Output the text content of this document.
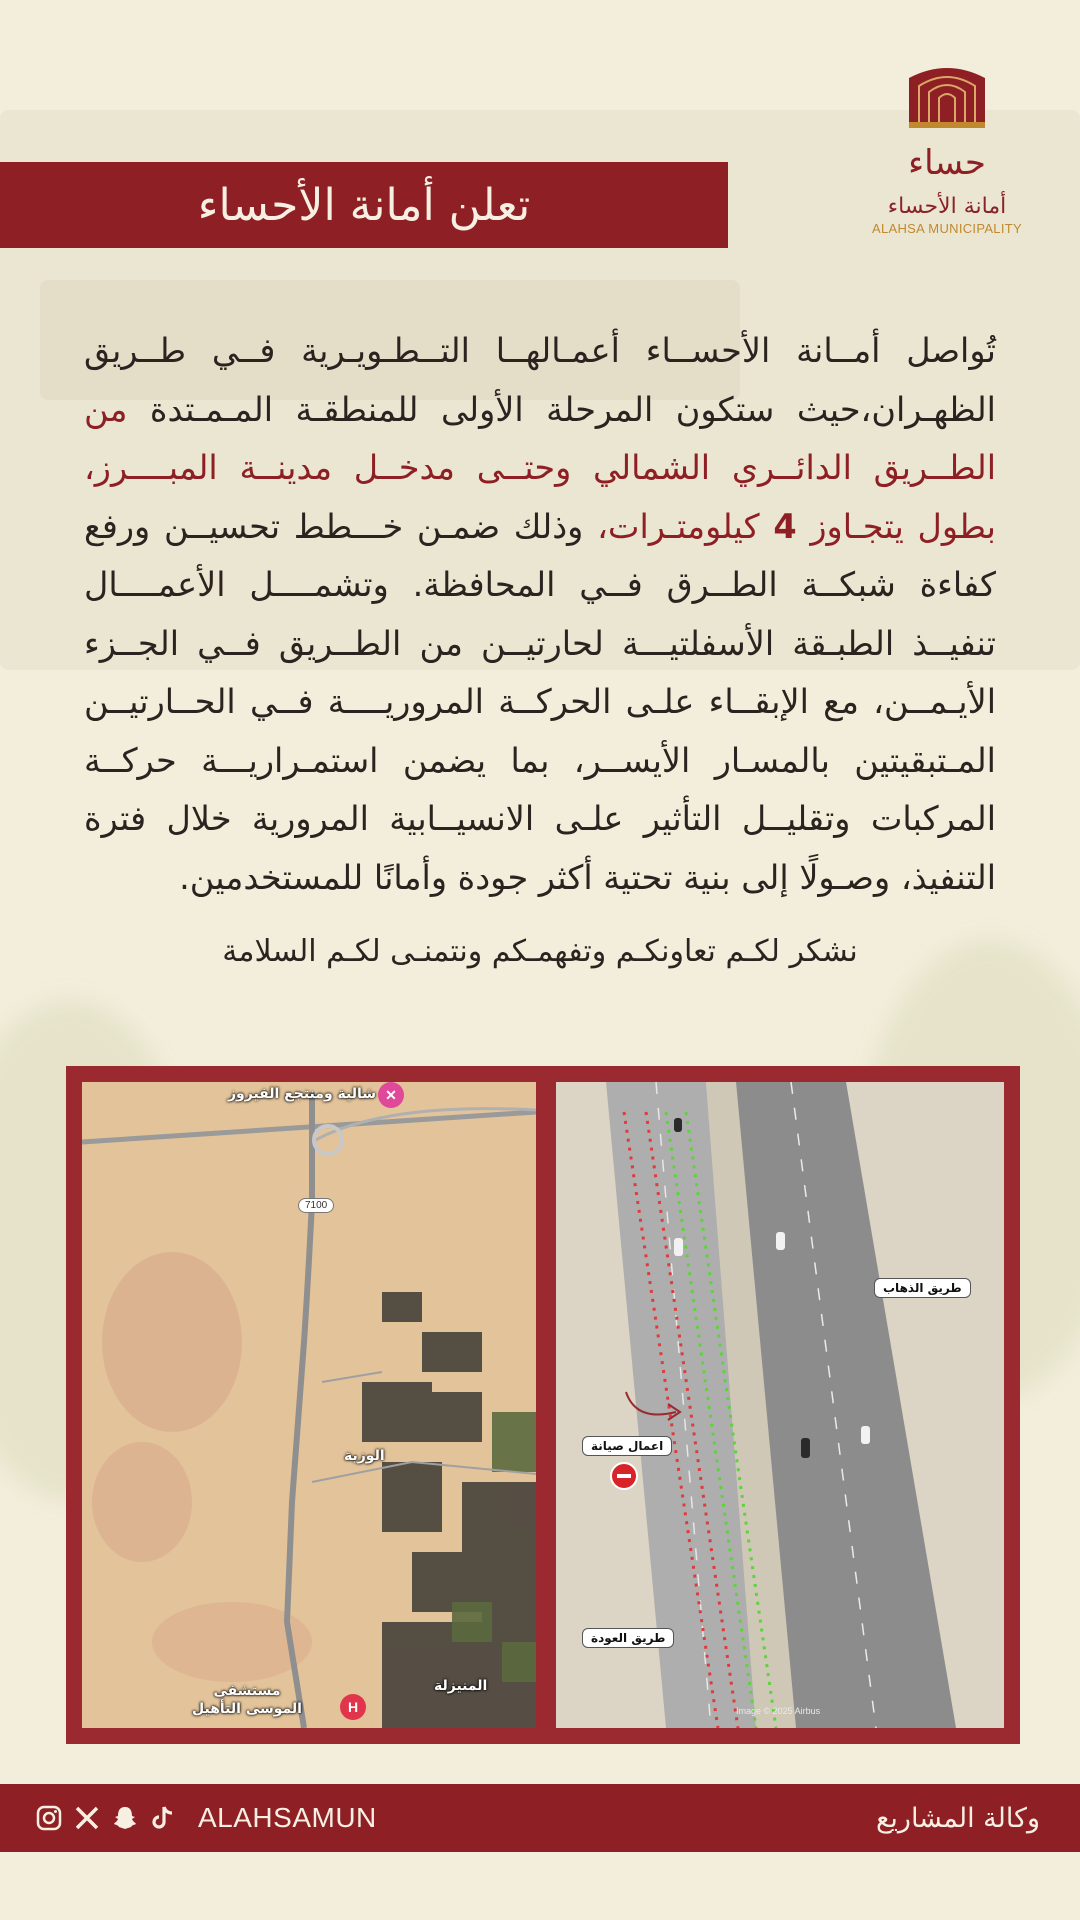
حساء
أمانة الأحساء
ALAHSA MUNICIPALITY
تعلن أمانة الأحساء
تُواصل أمــانة الأحســاء أعمـالهــا التــطـويـرية فــي طــريق الظهـران،حيث ستكون المرحلة الأولى للمنطقـة المـمـتدة من الطــريق الدائــري الشمالي وحتــى مدخــل مدينــة المبــــرز، بطول يتجـاوز 4 كيلومتـرات، وذلك ضمـن خـــطط تحسيــن ورفع كفاءة شبكــة الطــرق فــي المحافظة. وتشمــــل الأعمــــال تنفيــذ الطبـقة الأسفلتيـــة لحارتيــن من الطــريق فــي الجــزء الأيـمــن، مع الإبقــاء علـى الحركــة المروريــــة فــي الحــارتيــن المـتبقيتين بالمسـار الأيســر، بما يضمن استمـراريـــة حركــة المركبات وتقليــل التأثير علـى الانسيــابية المرورية خلال فترة التنفيذ، وصـولًا إلى بنية تحتية أكثر جودة وأمانًا للمستخدمين.
نشكر لكـم تعاونكـم وتفهمـكم ونتمنـى لكـم السلامة
شالية ومنتجع الفيروز ✕
7100
الوزية
المنيزلة
مستشفى الموسى التأهيل	H
طريق الذهاب
اعمال صيانة
طريق العودة
Image © 2025 Airbus
ALAHSAMUN	وكالة المشاريع
